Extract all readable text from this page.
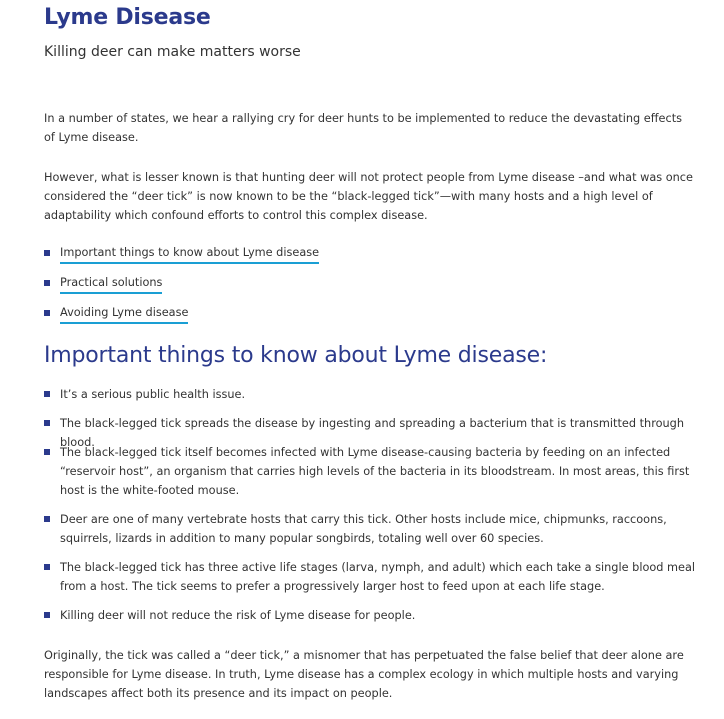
Lyme Disease
Killing deer can make matters worse

In a number of states, we hear a rallying cry for deer hunts to be implemented to reduce the devastating effects of Lyme disease.

However, what is lesser known is that hunting deer will not protect people from Lyme disease –and what was once considered the “deer tick” is now known to be the “black-legged tick”—with many hosts and a high level of adaptability which confound efforts to control this complex disease.

Important things to know about Lyme disease
Practical solutions
Avoiding Lyme disease
Important things to know about Lyme disease:
It’s a serious public health issue.
The black-legged tick spreads the disease by ingesting and spreading a bacterium that is transmitted through blood.
The black-legged tick itself becomes infected with Lyme disease-causing bacteria by feeding on an infected “reservoir host”, an organism that carries high levels of the bacteria in its bloodstream. In most areas, this first host is the white-footed mouse.
Deer are one of many vertebrate hosts that carry this tick. Other hosts include mice, chipmunks, raccoons, squirrels, lizards in addition to many popular songbirds, totaling well over 60 species.
The black-legged tick has three active life stages (larva, nymph, and adult) which each take a single blood meal from a host. The tick seems to prefer a progressively larger host to feed upon at each life stage.
Killing deer will not reduce the risk of Lyme disease for people.

Originally, the tick was called a “deer tick,” a misnomer that has perpetuated the false belief that deer alone are responsible for Lyme disease. In truth, Lyme disease has a complex ecology in which multiple hosts and varying landscapes affect both its presence and its impact on people.
